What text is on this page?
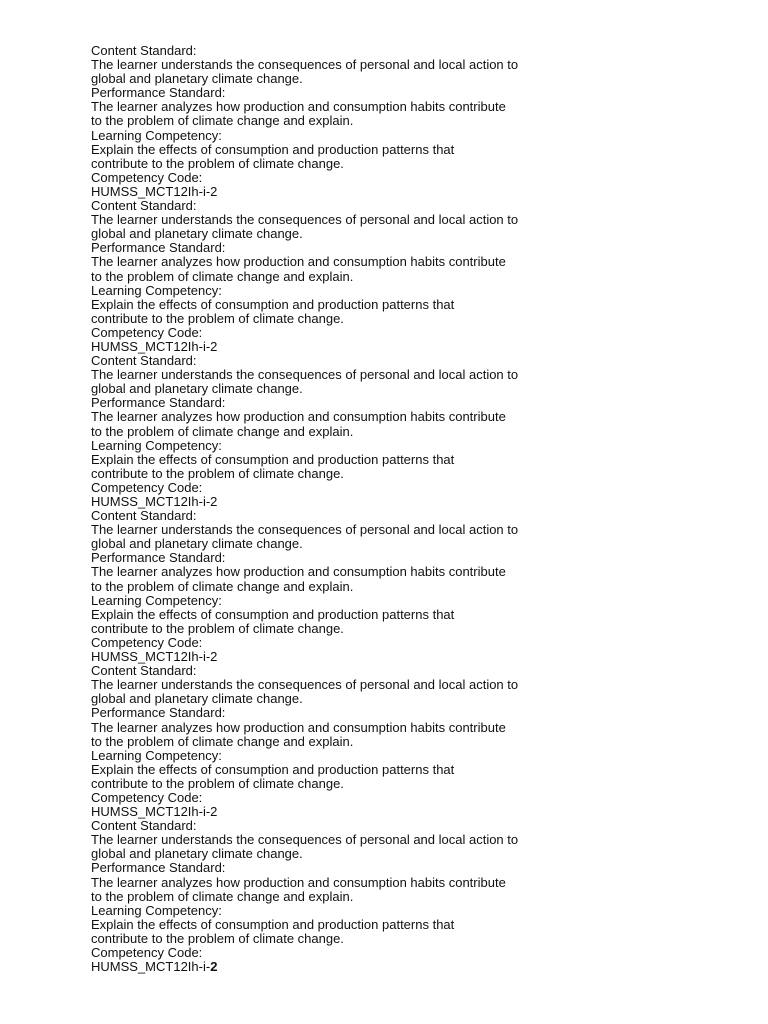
Content Standard:
The learner understands the consequences of personal and local action to
global and planetary climate change.
Performance Standard:
The learner analyzes how production and consumption habits contribute
to the problem of climate change and explain.
Learning Competency:
Explain the effects of consumption and production patterns that
contribute to the problem of climate change.
Competency Code:
HUMSS_MCT12Ih-i-2
Content Standard:
The learner understands the consequences of personal and local action to
global and planetary climate change.
Performance Standard:
The learner analyzes how production and consumption habits contribute
to the problem of climate change and explain.
Learning Competency:
Explain the effects of consumption and production patterns that
contribute to the problem of climate change.
Competency Code:
HUMSS_MCT12Ih-i-2
Content Standard:
The learner understands the consequences of personal and local action to
global and planetary climate change.
Performance Standard:
The learner analyzes how production and consumption habits contribute
to the problem of climate change and explain.
Learning Competency:
Explain the effects of consumption and production patterns that
contribute to the problem of climate change.
Competency Code:
HUMSS_MCT12Ih-i-2
Content Standard:
The learner understands the consequences of personal and local action to
global and planetary climate change.
Performance Standard:
The learner analyzes how production and consumption habits contribute
to the problem of climate change and explain.
Learning Competency:
Explain the effects of consumption and production patterns that
contribute to the problem of climate change.
Competency Code:
HUMSS_MCT12Ih-i-2
Content Standard:
The learner understands the consequences of personal and local action to
global and planetary climate change.
Performance Standard:
The learner analyzes how production and consumption habits contribute
to the problem of climate change and explain.
Learning Competency:
Explain the effects of consumption and production patterns that
contribute to the problem of climate change.
Competency Code:
HUMSS_MCT12Ih-i-2
Content Standard:
The learner understands the consequences of personal and local action to
global and planetary climate change.
Performance Standard:
The learner analyzes how production and consumption habits contribute
to the problem of climate change and explain.
Learning Competency:
Explain the effects of consumption and production patterns that
contribute to the problem of climate change.
Competency Code:
HUMSS_MCT12Ih-i-2
